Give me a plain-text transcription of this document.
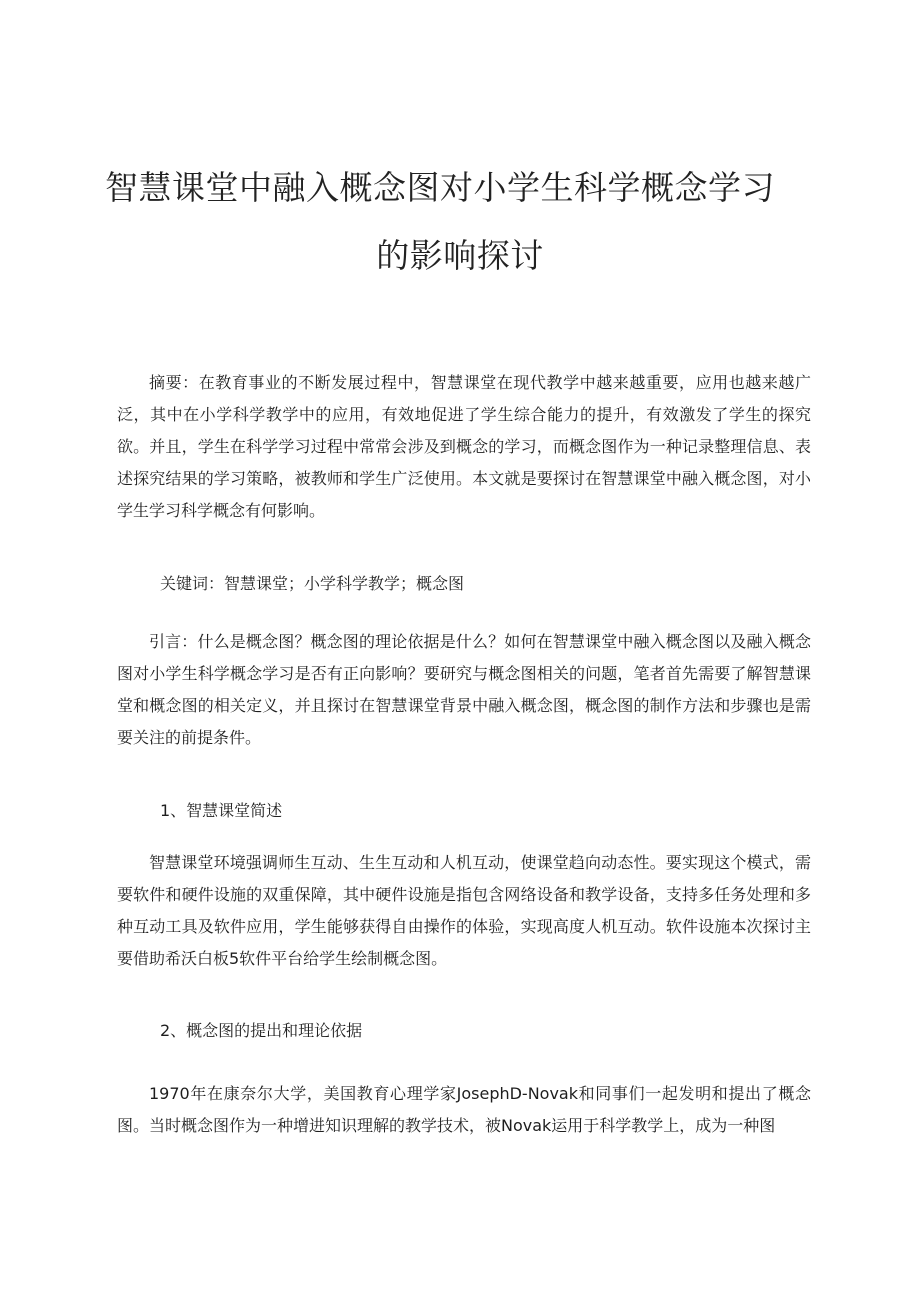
智慧课堂中融入概念图对小学生科学概念学习
的影响探讨

摘要：在教育事业的不断发展过程中，智慧课堂在现代教学中越来越重要，应用也越来越广泛，其中在小学科学教学中的应用，有效地促进了学生综合能力的提升，有效激发了学生的探究欲。并且，学生在科学学习过程中常常会涉及到概念的学习，而概念图作为一种记录整理信息、表述探究结果的学习策略，被教师和学生广泛使用。本文就是要探讨在智慧课堂中融入概念图，对小学生学习科学概念有何影响。

关键词：智慧课堂；小学科学教学；概念图

引言：什么是概念图？概念图的理论依据是什么？如何在智慧课堂中融入概念图以及融入概念图对小学生科学概念学习是否有正向影响？要研究与概念图相关的问题，笔者首先需要了解智慧课堂和概念图的相关定义，并且探讨在智慧课堂背景中融入概念图，概念图的制作方法和步骤也是需要关注的前提条件。

1、智慧课堂简述

智慧课堂环境强调师生互动、生生互动和人机互动，使课堂趋向动态性。要实现这个模式，需要软件和硬件设施的双重保障，其中硬件设施是指包含网络设备和教学设备，支持多任务处理和多种互动工具及软件应用，学生能够获得自由操作的体验，实现高度人机互动。软件设施本次探讨主要借助希沃白板5软件平台给学生绘制概念图。

2、概念图的提出和理论依据

1970年在康奈尔大学，美国教育心理学家JosephD-Novak和同事们一起发明和提出了概念图。当时概念图作为一种增进知识理解的教学技术，被Novak运用于科学教学上，成为一种图
